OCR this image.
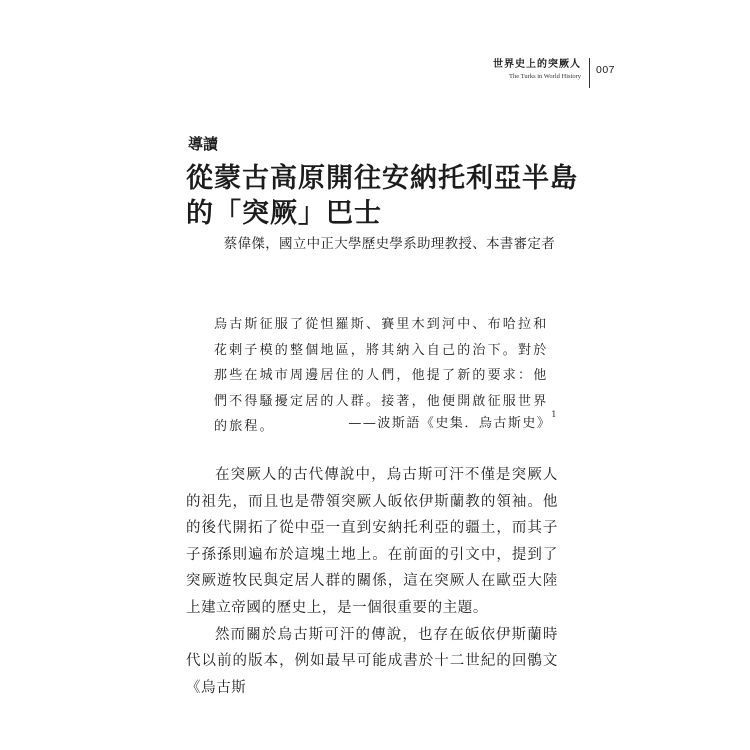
世界史上的突厥人
The Turks in World History
007
導讀
從蒙古高原開往安納托利亞半島
的「突厥」巴士
蔡偉傑，國立中正大學歷史學系助理教授、本書審定者

烏古斯征服了從怛羅斯、賽里木到河中、布哈拉和花剌子模的整個地區，將其納入自己的治下。對於那些在城市周邊居住的人們，他提了新的要求：他們不得騷擾定居的人群。接著，他便開啟征服世界的旅程。	——波斯語《史集．烏古斯史》$^1$

在突厥人的古代傳說中，烏古斯可汗不僅是突厥人的祖先，而且也是帶領突厥人皈依伊斯蘭教的領袖。他的後代開拓了從中亞一直到安納托利亞的疆土，而其子子孫孫則遍布於這塊土地上。在前面的引文中，提到了突厥遊牧民與定居人群的關係，這在突厥人在歐亞大陸上建立帝國的歷史上，是一個很重要的主題。

然而關於烏古斯可汗的傳說，也存在皈依伊斯蘭時代以前的版本，例如最早可能成書於十二世紀的回鶻文《烏古斯
